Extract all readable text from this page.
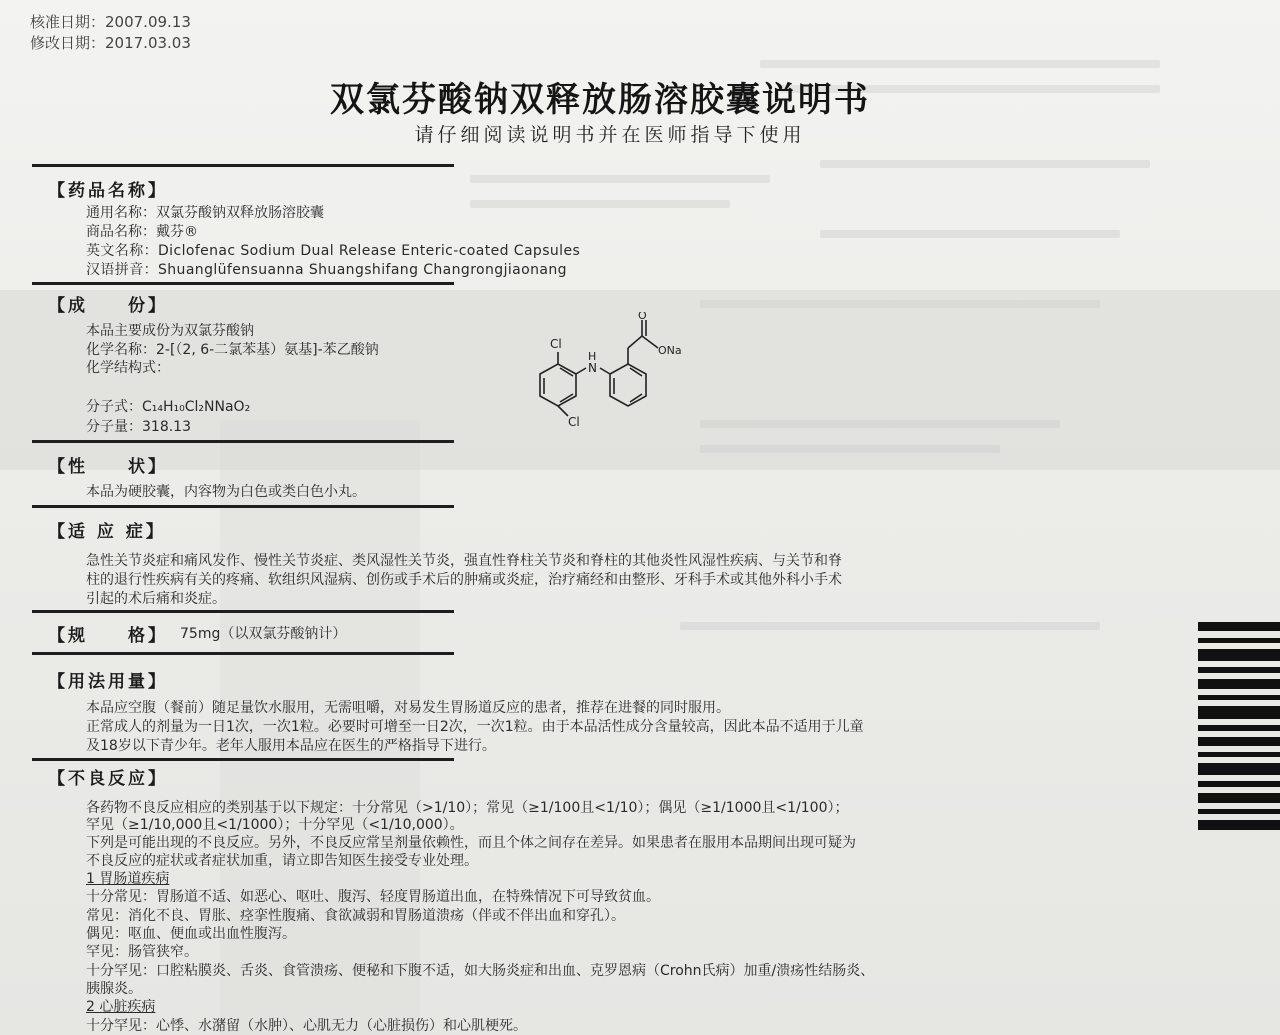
核准日期：2007.09.13
修改日期：2017.03.03
双氯芬酸钠双释放肠溶胶囊说明书
请仔细阅读说明书并在医师指导下使用
【药品名称】
通用名称：双氯芬酸钠双释放肠溶胶囊
商品名称：戴芬®
英文名称：Diclofenac Sodium Dual Release Enteric-coated Capsules
汉语拼音：Shuanglüfensuanna Shuangshifang Changrongjiaonang
【成　　份】
本品主要成份为双氯芬酸钠
化学名称：2-[（2, 6-二氯苯基）氨基]-苯乙酸钠
化学结构式：
分子式：C₁₄H₁₀Cl₂NNaO₂
分子量：318.13
Cl
Cl
N
H
O
ONa
【性　　状】
本品为硬胶囊，内容物为白色或类白色小丸。
【适 应 症】
急性关节炎症和痛风发作、慢性关节炎症、类风湿性关节炎，强直性脊柱关节炎和脊柱的其他炎性风湿性疾病、与关节和脊
柱的退行性疾病有关的疼痛、软组织风湿病、创伤或手术后的肿痛或炎症，治疗痛经和由整形、牙科手术或其他外科小手术
引起的术后痛和炎症。
【规　　格】 75mg（以双氯芬酸钠计）
【用法用量】
本品应空腹（餐前）随足量饮水服用，无需咀嚼，对易发生胃肠道反应的患者，推荐在进餐的同时服用。
正常成人的剂量为一日1次，一次1粒。必要时可增至一日2次，一次1粒。由于本品活性成分含量较高，因此本品不适用于儿童
及18岁以下青少年。老年人服用本品应在医生的严格指导下进行。
【不良反应】
各药物不良反应相应的类别基于以下规定：十分常见（>1/10）；常见（≥1/100且<1/10）；偶见（≥1/1000且<1/100）；
罕见（≥1/10,000且<1/1000）；十分罕见（<1/10,000）。
下列是可能出现的不良反应。另外，不良反应常呈剂量依赖性，而且个体之间存在差异。如果患者在服用本品期间出现可疑为
不良反应的症状或者症状加重，请立即告知医生接受专业处理。
1 胃肠道疾病
十分常见：胃肠道不适、如恶心、呕吐、腹泻、轻度胃肠道出血，在特殊情况下可导致贫血。
常见：消化不良、胃胀、痉挛性腹痛、食欲减弱和胃肠道溃疡（伴或不伴出血和穿孔）。
偶见：呕血、便血或出血性腹泻。
罕见：肠管狭窄。
十分罕见：口腔粘膜炎、舌炎、食管溃疡、便秘和下腹不适，如大肠炎症和出血、克罗恩病（Crohn氏病）加重/溃疡性结肠炎、
胰腺炎。
2 心脏疾病
十分罕见：心悸、水潴留（水肿）、心肌无力（心脏损伤）和心肌梗死。
